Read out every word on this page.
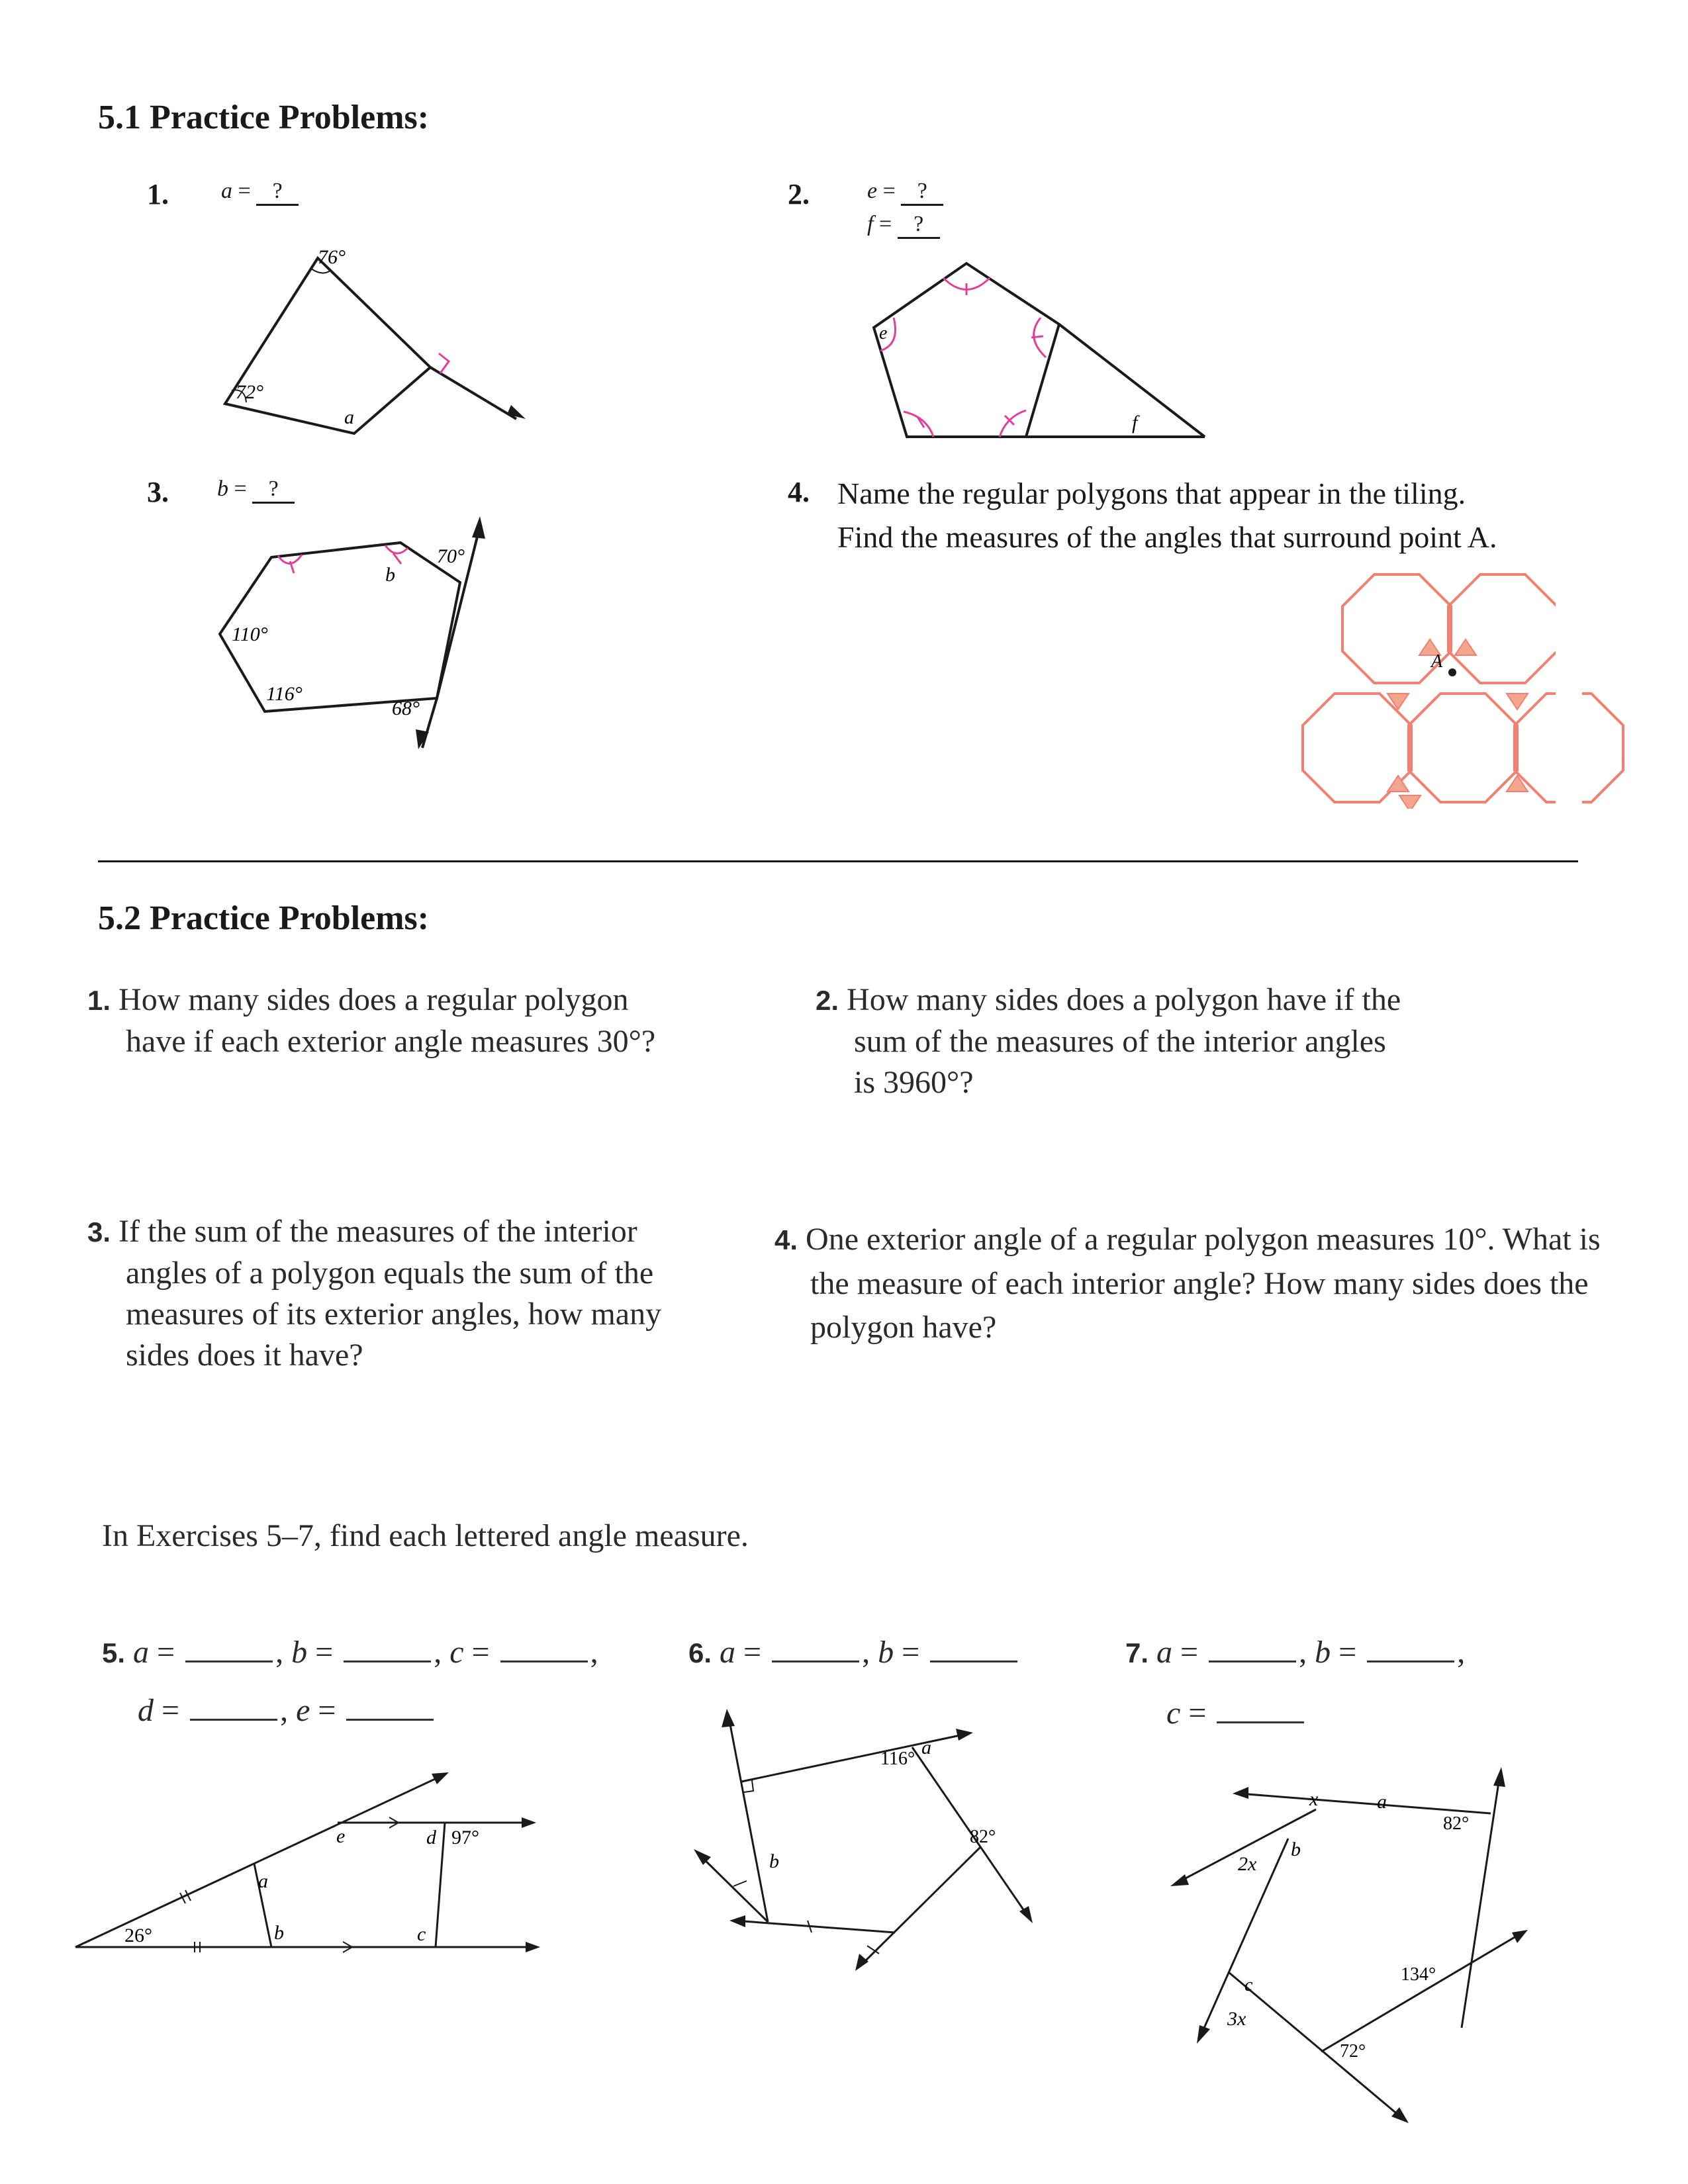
5.1 Practice Problems:
1. a = ?
76°
72°
a
2.	e = ?
f = ?
e
f
3. b = ?
70°
b
110°
116°
68°
4. Name the regular polygons that appear in the tiling.
Find the measures of the angles that surround point A.
A
5.2 Practice Problems:
1. How many sides does a regular polygon
have if each exterior angle measures 30°?
2. How many sides does a polygon have if the
sum of the measures of the interior angles
is 3960°?
3. If the sum of the measures of the interior
angles of a polygon equals the sum of the
measures of its exterior angles, how many
sides does it have?
4. One exterior angle of a regular polygon measures 10°. What is
the measure of each interior angle? How many sides does the
polygon have?
In Exercises 5–7, find each lettered angle measure.
5. a =	, b =	, c =	,
d =	, e =
26°
97°
a
b	c
d
e
6. a =	, b =
116°
a
82°
b
7. a =	, b =	,
c =
x	a
82°
b
2x
c
3x
134°
72°
